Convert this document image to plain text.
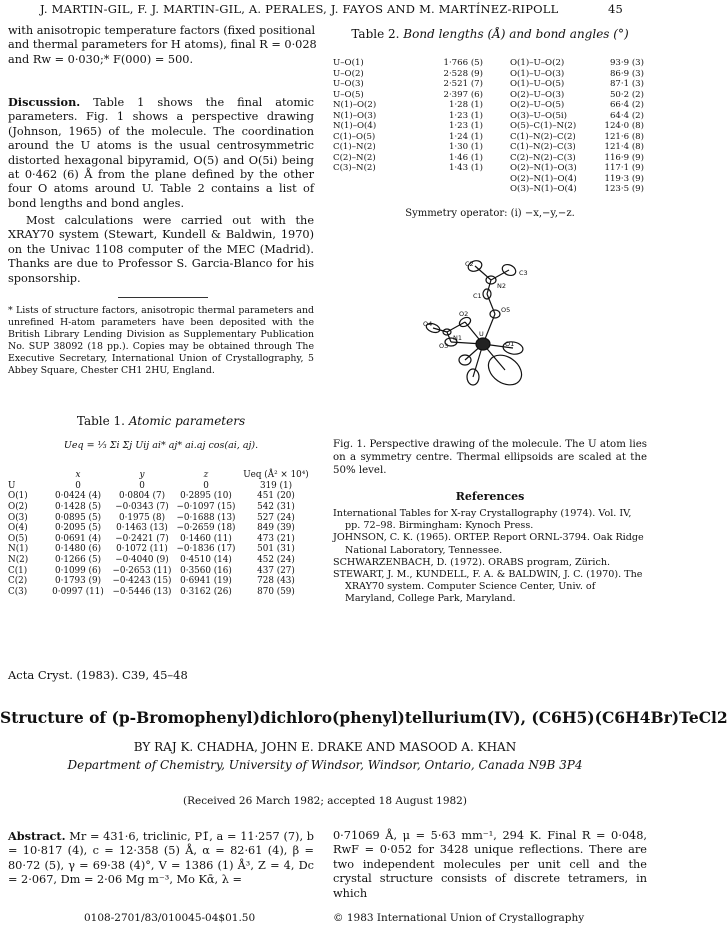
J. MARTIN-GIL, F. J. MARTIN-GIL, A. PERALES, J. FAYOS AND M. MARTÍNEZ-RIPOLL	45

with anisotropic temperature factors (fixed positional

and thermal parameters for H atoms), final R = 0·028

and Rw = 0·030;* F(000) = 500.

Discussion. Table 1 shows the final atomic parameters. Fig. 1 shows a perspective drawing (Johnson, 1965) of the molecule. The coordination around the U atoms is the usual centrosymmetric distorted hexagonal bipyramid, O(5) and O(5i) being at 0·462 (6) Å from the plane defined by the other four O atoms around U. Table 2 contains a list of bond lengths and bond angles.

Most calculations were carried out with the XRAY70 system (Stewart, Kundell & Baldwin, 1970) on the Univac 1108 computer of the MEC (Madrid). Thanks are due to Professor S. Garcia-Blanco for his sponsorship.

* Lists of structure factors, anisotropic thermal parameters and unrefined H-atom parameters have been deposited with the British Library Lending Division as Supplementary Publication No. SUP 38092 (18 pp.). Copies may be obtained through The Executive Secretary, International Union of Crystallography, 5 Abbey Square, Chester CH1 2HU, England.

Table 1. Atomic parameters
Ueq = ⅓ Σi Σj Uij ai* aj* ai.aj cos(ai, aj).
	x	y	z	Ueq (Å² × 10⁴)
U	0	0	0	319 (1)
O(1)	0·0424 (4)	0·0804 (7)	0·2895 (10)	451 (20)
O(2)	0·1428 (5)	−0·0343 (7)	−0·1097 (15)	542 (31)
O(3)	0·0895 (5)	0·1975 (8)	−0·1688 (13)	527 (24)
O(4)	0·2095 (5)	0·1463 (13)	−0·2659 (18)	849 (39)
O(5)	0·0691 (4)	−0·2421 (7)	0·1460 (11)	473 (21)
N(1)	0·1480 (6)	0·1072 (11)	−0·1836 (17)	501 (31)
N(2)	0·1266 (5)	−0·4040 (9)	0·4510 (14)	452 (24)
C(1)	0·1099 (6)	−0·2653 (11)	0·3560 (16)	437 (27)
C(2)	0·1793 (9)	−0·4243 (15)	0·6941 (19)	728 (43)
C(3)	0·0997 (11)	−0·5446 (13)	0·3162 (26)	870 (59)
Table 2. Bond lengths (Å) and bond angles (°)
U–O(1)	1·766 (5)
U–O(2)	2·528 (9)
U–O(3)	2·521 (7)
U–O(5)	2·397 (6)
N(1)–O(2)	1·28 (1)
N(1)–O(3)	1·23 (1)
N(1)–O(4)	1·23 (1)
C(1)–O(5)	1·24 (1)
C(1)–N(2)	1·30 (1)
C(2)–N(2)	1·46 (1)
C(3)–N(2)	1·43 (1)
O(1)–U–O(2)	93·9 (3)
O(1)–U–O(3)	86·9 (3)
O(1)–U–O(5)	87·1 (3)
O(2)–U–O(3)	50·2 (2)
O(2)–U–O(5)	66·4 (2)
O(3)–U–O(5i)	64·4 (2)
O(5)–C(1)–N(2)	124·0 (8)
C(1)–N(2)–C(2)	121·6 (8)
C(1)–N(2)–C(3)	121·4 (8)
C(2)–N(2)–C(3)	116·9 (9)
O(2)–N(1)–O(3)	117·1 (9)
O(2)–N(1)–O(4)	119·3 (9)
O(3)–N(1)–O(4)	123·5 (9)
Symmetry operator: (i) −x,−y,−z.
C2
C3
N2
C1
O5
O2
O4
N1
O3
U
O1
Fig. 1. Perspective drawing of the molecule. The U atom lies on a symmetry centre. Thermal ellipsoids are scaled at the 50% level.
References

International Tables for X-ray Crystallography (1974). Vol. IV, pp. 72–98. Birmingham: Kynoch Press.

JOHNSON, C. K. (1965). ORTEP. Report ORNL-3794. Oak Ridge National Laboratory, Tennessee.

SCHWARZENBACH, D. (1972). ORABS program, Zürich.

STEWART, J. M., KUNDELL, F. A. & BALDWIN, J. C. (1970). The XRAY70 system. Computer Science Center, Univ. of Maryland, College Park, Maryland.

Acta Cryst. (1983). C39, 45–48
Structure of (p-Bromophenyl)dichloro(phenyl)tellurium(IV), (C6H5)(C6H4Br)TeCl2
BY RAJ K. CHADHA, JOHN E. DRAKE AND MASOOD A. KHAN
Department of Chemistry, University of Windsor, Windsor, Ontario, Canada N9B 3P4
(Received 26 March 1982; accepted 18 August 1982)

Abstract. Mr = 431·6, triclinic, P1̄, a = 11·257 (7), b = 10·817 (4), c = 12·358 (5) Å, α = 82·61 (4), β = 80·72 (5), γ = 69·38 (4)°, V = 1386 (1) Å³, Z = 4, Dc = 2·067, Dm = 2·06 Mg m⁻³, Mo Kᾱ, λ =

0·71069 Å, μ = 5·63 mm⁻¹, 294 K. Final R = 0·048, RwF = 0·052 for 3428 unique reflections. There are two independent molecules per unit cell and the crystal structure consists of discrete tetramers, in which

0108-2701/83/010045-04$01.50	© 1983 International Union of Crystallography
